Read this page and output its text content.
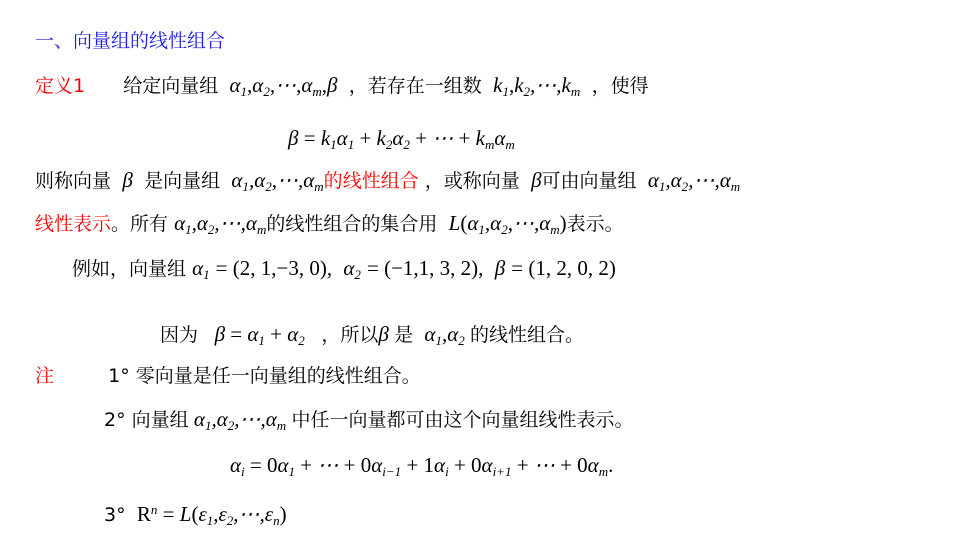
一、向量组的线性组合
定义1 给定向量组  $\alpha_1,\alpha_2,\cdots,\alpha_m,\beta$  ，若存在一组数  $k_1,k_2,\cdots,k_m$ ，使得
$\beta = k_1\alpha_1 + k_2\alpha_2$ + ⋯ + $k_m\alpha_m$
则称向量  β  是向量组  $\alpha_1,\alpha_2,\cdots,\alpha_m$的线性组合 ，或称向量  β可由向量组  $\alpha_1,\alpha_2,\cdots,\alpha_m$
线性表示。所有 $\alpha_1,\alpha_2,\cdots,\alpha_m$的线性组合的集合用  $L(\alpha_1,\alpha_2,\cdots,\alpha_m)$表示。
例如，向量组 $\alpha_1 = (2$, 1,−3, 0),  $\alpha_2 = (-1,1$, 3, 2),  β = (1, 2, 0, 2)
因为   $\beta = \alpha_1 + \alpha_2$ ，所以β 是  $\alpha_1,\alpha_2$ 的线性组合。
注	1° 零向量是任一向量组的线性组合。
2° 向量组 $\alpha_1,\alpha_2,\cdots,\alpha_m$ 中任一向量都可由这个向量组线性表示。
$\alpha_i = 0\alpha_1$ + ⋯ + $0\alpha_{i-1} + 1\alpha_i + 0\alpha_{i+1}$ + ⋯ + $0\alpha_m$.
3° $R^n$ = $L(\varepsilon_1,\varepsilon_2,\cdots,\varepsilon_n)$
